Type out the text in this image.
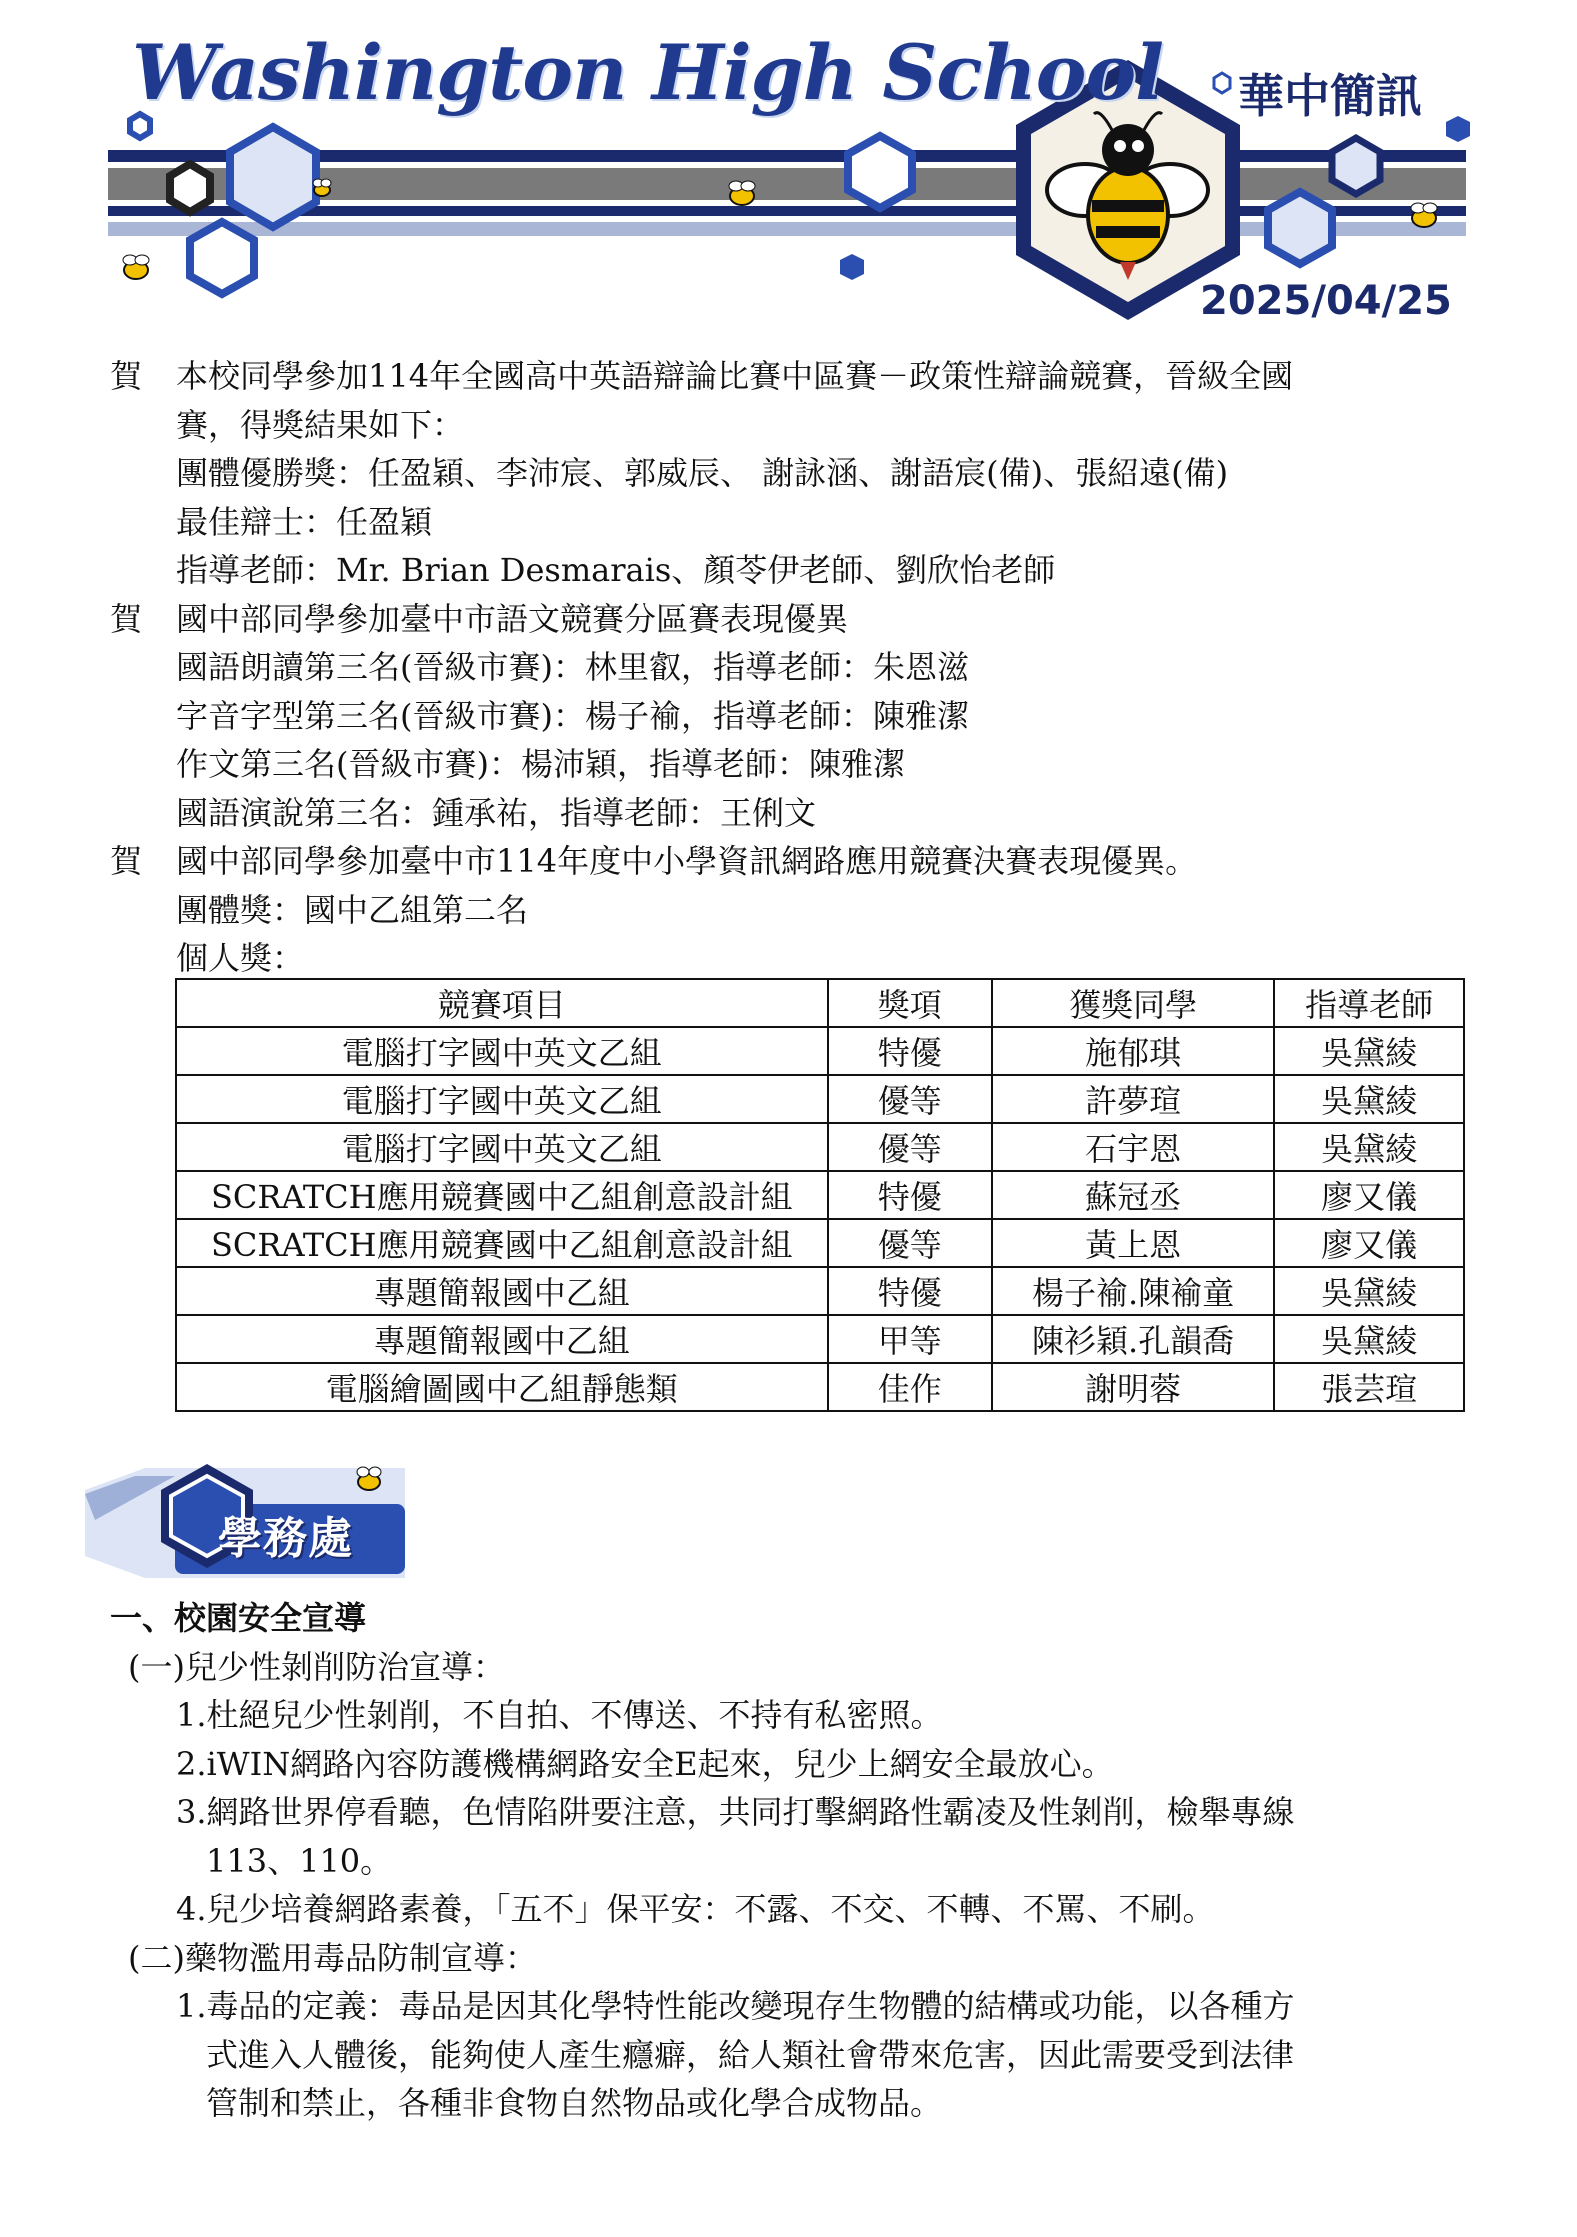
WHS
Washington High School 華中簡訊
2025/04/25
賀 本校同學參加114年全國高中英語辯論比賽中區賽－政策性辯論競賽，晉級全國
賽，得獎結果如下：
團體優勝獎：任盈穎、李沛宸、郭威辰、 謝詠涵、謝語宸(備)、張紹遠(備)
最佳辯士：任盈穎
指導老師：Mr. Brian Desmarais、顏苓伊老師、劉欣怡老師
賀 國中部同學參加臺中市語文競賽分區賽表現優異
國語朗讀第三名(晉級市賽)：林里叡，指導老師：朱恩滋
字音字型第三名(晉級市賽)：楊子褕，指導老師：陳雅潔
作文第三名(晉級市賽)：楊沛穎，指導老師：陳雅潔
國語演說第三名：鍾承祐，指導老師：王俐文
賀 國中部同學參加臺中市114年度中小學資訊網路應用競賽決賽表現優異。
團體獎：國中乙組第二名
個人獎：
競賽項目	獎項	獲獎同學	指導老師
電腦打字國中英文乙組	特優	施郁琪	吳黛綾
電腦打字國中英文乙組	優等	許夢瑄	吳黛綾
電腦打字國中英文乙組	優等	石宇恩	吳黛綾
SCRATCH應用競賽國中乙組創意設計組	特優	蘇冠丞	廖又儀
SCRATCH應用競賽國中乙組創意設計組	優等	黃上恩	廖又儀
專題簡報國中乙組	特優	楊子褕.陳褕童	吳黛綾
專題簡報國中乙組	甲等	陳衫穎.孔韻喬	吳黛綾
電腦繪圖國中乙組靜態類	佳作	謝明蓉	張芸瑄
學務處
一、校園安全宣導
(一)兒少性剝削防治宣導：
1.杜絕兒少性剝削，不自拍、不傳送、不持有私密照。
2.iWIN網路內容防護機構網路安全E起來，兒少上網安全最放心。
3.網路世界停看聽，色情陷阱要注意，共同打擊網路性霸凌及性剝削，檢舉專線
113、110。
4.兒少培養網路素養，「五不」保平安：不露、不交、不轉、不罵、不刷。
(二)藥物濫用毒品防制宣導：
1.毒品的定義：毒品是因其化學特性能改變現存生物體的結構或功能，以各種方
式進入人體後，能夠使人產生癮癖，給人類社會帶來危害，因此需要受到法律
管制和禁止，各種非食物自然物品或化學合成物品。
